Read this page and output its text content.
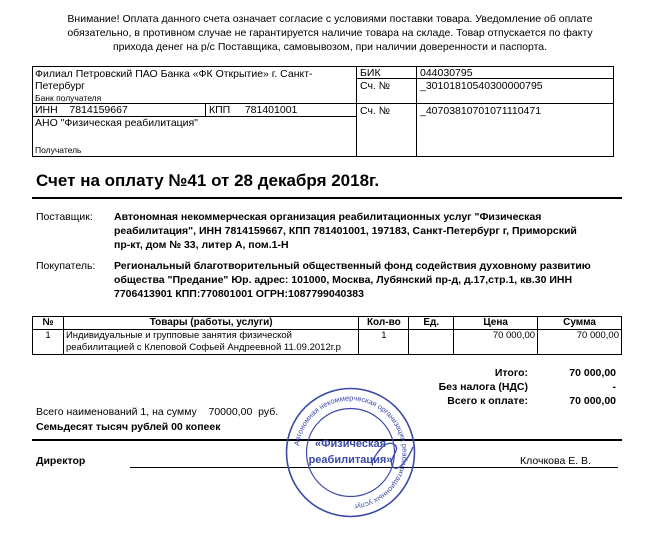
Внимание! Оплата данного счета означает согласие с условиями поставки товара. Уведомление об оплате
обязательно, в противном случае не гарантируется наличие товара на складе. Товар отпускается по факту
прихода денег на р/с Поставщика, самовывозом, при наличии доверенности и паспорта.
Филиал Петровский ПАО Банка «ФК Открытие» г. Санкт-
Петербург
Банк получателя
БИК	044030795
Сч. №	_30101810540300000795
ИНН 7814159667	КПП 781401001
АНО "Физическая реабилитация"
Получатель
Сч. №	_40703810701071110471
Счет на оплату №41 от 28 декабря 2018г.
Поставщик: Автономная некоммерческая организация реабилитационных услуг "Физическая
реабилитация", ИНН 7814159667, КПП 781401001, 197183, Санкт-Петербург г, Приморский
пр-кт, дом № 33, литер А, пом.1-Н
Покупатель: Региональный благотворительный общественный фонд содействия духовному развитию
общества "Предание" Юр. адрес: 101000, Москва, Лубянский пр-д, д.17,стр.1, кв.30 ИНН
7706413901 КПП:770801001 ОГРН:1087799040383
№	Товары (работы, услуги)	Кол-во	Ед.	Цена	Сумма
1	Индивидуальные и групповые занятия физической
реабилитацией с Клеповой Софьей Андреевной 11.09.2012г.р	1		70 000,00	70 000,00
Итого:	70 000,00
Без налога (НДС)	-
Всего к оплате:	70 000,00
Всего наименований 1, на сумму 70000,00 руб.
Семьдесят тысяч рублей 00 копеек
Директор	Клочкова Е. В.
Автономная некоммерческая организация реабилитационных услуг
«Физическая
реабилитация»
